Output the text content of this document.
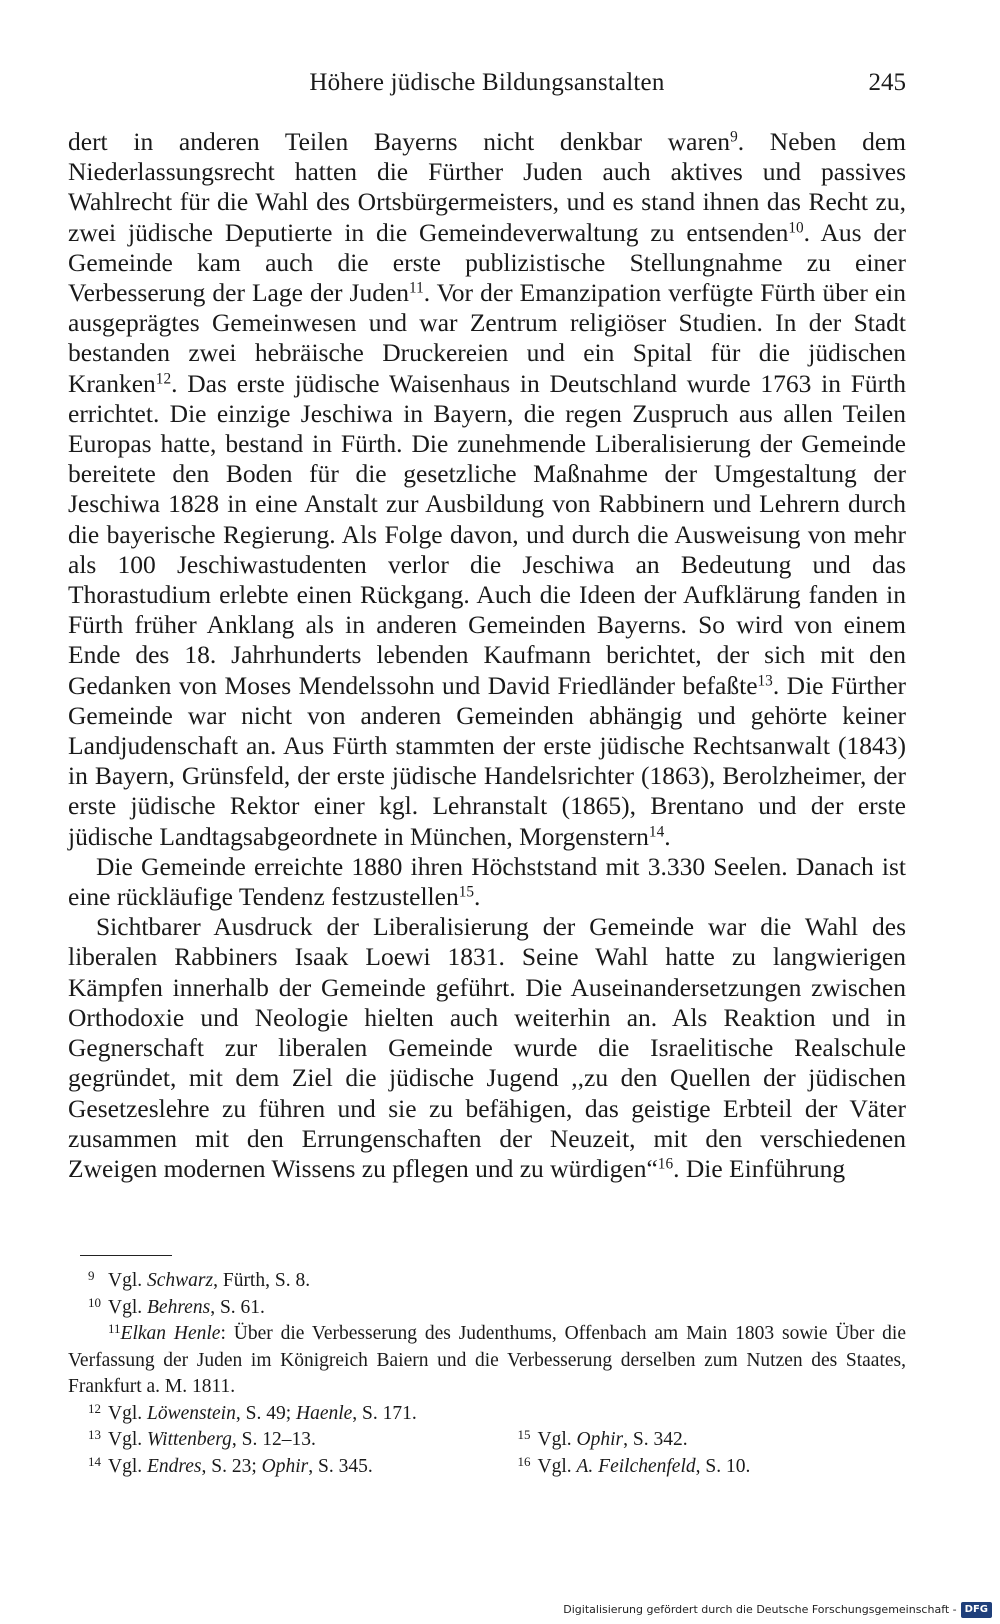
Höhere jüdische Bildungsanstalten	245

dert in anderen Teilen Bayerns nicht denkbar waren$^9$. Neben dem Niederlassungsrecht hatten die Fürther Juden auch aktives und passives Wahlrecht für die Wahl des Ortsbürgermeisters, und es stand ihnen das Recht zu, zwei jüdische Deputierte in die Gemeindeverwaltung zu entsenden$^{10}$. Aus der Gemeinde kam auch die erste publizistische Stellungnahme zu einer Verbesserung der Lage der Juden$^{11}$. Vor der Emanzipation verfügte Fürth über ein ausgeprägtes Gemeinwesen und war Zentrum religiöser Studien. In der Stadt bestanden zwei hebräische Druckereien und ein Spital für die jüdischen Kranken$^{12}$. Das erste jüdische Waisenhaus in Deutschland wurde 1763 in Fürth errichtet. Die einzige Jeschiwa in Bayern, die regen Zuspruch aus allen Teilen Europas hatte, bestand in Fürth. Die zunehmende Liberalisierung der Gemeinde bereitete den Boden für die gesetzliche Maßnahme der Umgestaltung der Jeschiwa 1828 in eine Anstalt zur Ausbildung von Rabbinern und Lehrern durch die bayerische Regierung. Als Folge davon, und durch die Ausweisung von mehr als 100 Jeschiwastudenten verlor die Jeschiwa an Bedeutung und das Thorastudium erlebte einen Rückgang. Auch die Ideen der Aufklärung fanden in Fürth früher Anklang als in anderen Gemeinden Bayerns. So wird von einem Ende des 18. Jahrhunderts lebenden Kaufmann berichtet, der sich mit den Gedanken von Moses Mendelssohn und David Friedländer befaßte$^{13}$. Die Fürther Gemeinde war nicht von anderen Gemeinden abhängig und gehörte keiner Landjudenschaft an. Aus Fürth stammten der erste jüdische Rechtsanwalt (1843) in Bayern, Grünsfeld, der erste jüdische Handelsrichter (1863), Berolzheimer, der erste jüdische Rektor einer kgl. Lehranstalt (1865), Brentano und der erste jüdische Landtagsabgeordnete in München, Morgenstern$^{14}$.

Die Gemeinde erreichte 1880 ihren Höchststand mit 3.330 Seelen. Danach ist eine rückläufige Tendenz festzustellen$^{15}$.

Sichtbarer Ausdruck der Liberalisierung der Gemeinde war die Wahl des liberalen Rabbiners Isaak Loewi 1831. Seine Wahl hatte zu langwierigen Kämpfen innerhalb der Gemeinde geführt. Die Auseinandersetzungen zwischen Orthodoxie und Neologie hielten auch weiterhin an. Als Reaktion und in Gegnerschaft zur liberalen Gemeinde wurde die Israelitische Realschule gegründet, mit dem Ziel die jüdische Jugend ,,zu den Quellen der jüdischen Gesetzeslehre zu führen und sie zu befähigen, das geistige Erbteil der Väter zusammen mit den Errungenschaften der Neuzeit, mit den verschiedenen Zweigen modernen Wissens zu pflegen und zu würdigen“$^{16}$. Die Einführung

9 Vgl. Schwarz, Fürth, S. 8.
10 Vgl. Behrens, S. 61.
11Elkan Henle: Über die Verbesserung des Judenthums, Offenbach am Main 1803 sowie Über die Verfassung der Juden im Königreich Baiern und die Verbesserung derselben zum Nutzen des Staates, Frankfurt a. M. 1811.
12 Vgl. Löwenstein, S. 49; Haenle, S. 171.
13 Vgl. Wittenberg, S. 12–13.	15 Vgl. Ophir, S. 342.
14 Vgl. Endres, S. 23; Ophir, S. 345.	16 Vgl. A. Feilchenfeld, S. 10.
Digitalisierung gefördert durch die Deutsche Forschungsgemeinschaft - DFG
